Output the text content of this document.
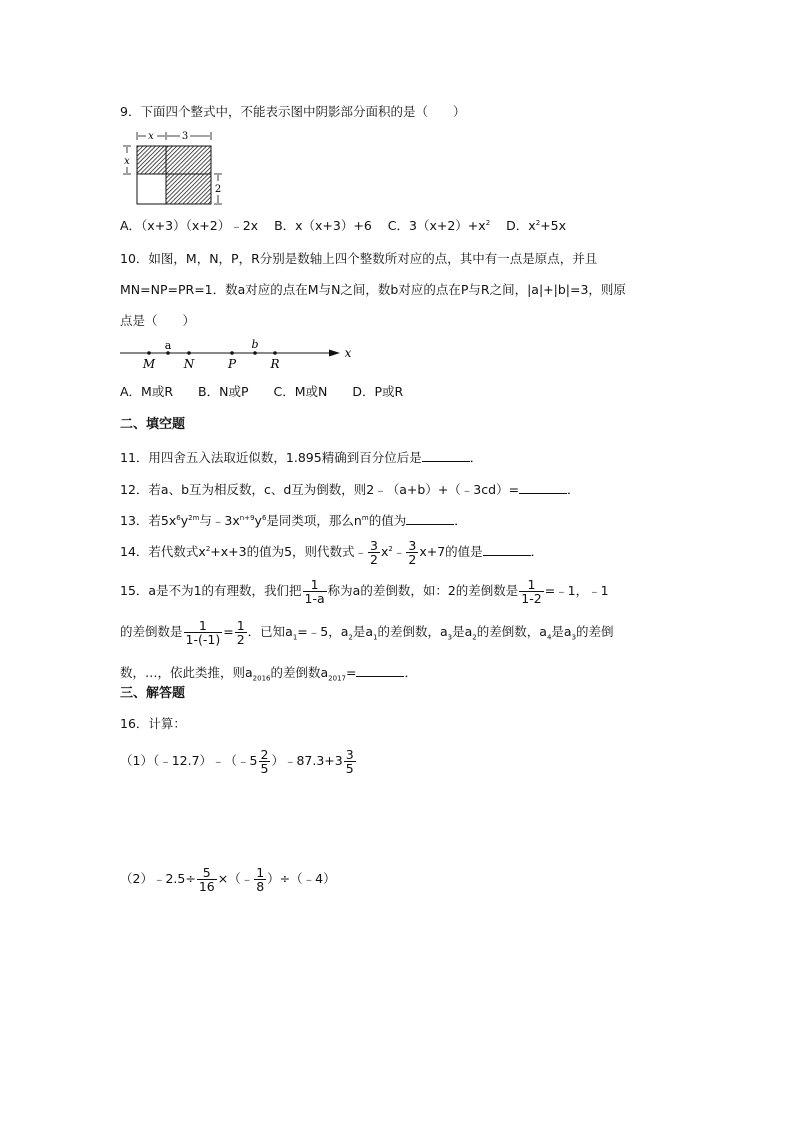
9．下面四个整式中，不能表示图中阴影部分面积的是（　　）
x	3
x
2
A．（x+3）（x+2）﹣2x B．x（x+3）+6 C．$3(x+2)+x^2$ D．$x^2+5x$
10．如图，M，N，P，R分别是数轴上四个整数所对应的点，其中有一点是原点，并且
MN=NP=PR=1．数a对应的点在M与N之间，数b对应的点在P与R之间，|a|+|b|=3，则原
点是（　　）
M
a
N	P
b
R
x
A．M或R　　B．N或P　　C．M或N　　D．P或R
二、填空题
11．用四舍五入法取近似数，1.895精确到百分位后是	．
12．若a、b互为相反数，c、d互为倒数，则2﹣（a+b）+（﹣3cd）=	．
13．若$5x^6y^{2m}$与$﹣3x^{n+9}y^6$是同类项，那么$n^m$的值为	．
14．若代数式$x^2+x+3$的值为5，则代数式﹣ $\frac{3}{2}$ $x^2﹣ \frac{3}{2} x+7$的值是	．
15．a是不为1的有理数，我们把 $\frac{1}{1-a}$ 称为a的差倒数，如：2的差倒数是 $\frac{1}{1-2}$ =﹣1，﹣1
的差倒数是 $\frac{1}{1-(-1)} = \frac{1}{2}$ ．已知$a_1=﹣5$，$a_2$是$a_1$的差倒数，$a_3$是$a_2$的差倒数，$a_4$是$a_3$的差倒
数，…，依此类推，则$a_{2016}$的差倒数$a_{2017}=$	．
三、解答题
16．计算：
（1）（﹣12.7）﹣（﹣5 $\frac{2}{5}$ ）﹣87.3+3 $\frac{3}{5}$
（2）﹣2.5÷ $\frac{5}{16}$ ×（﹣ $\frac{1}{8}$ ）÷（﹣4）
